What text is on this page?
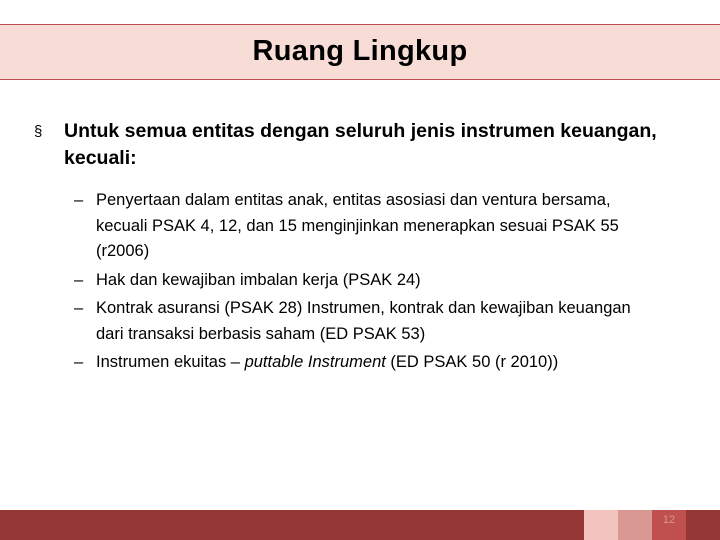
Ruang Lingkup
§ Untuk semua entitas dengan seluruh jenis instrumen keuangan, kecuali:
– Penyertaan dalam entitas anak, entitas asosiasi dan ventura bersama, kecuali PSAK 4, 12, dan 15 menginjinkan menerapkan sesuai PSAK 55 (r2006)
– Hak dan kewajiban imbalan kerja (PSAK 24)
– Kontrak asuransi (PSAK 28) Instrumen, kontrak dan kewajiban keuangan dari transaksi berbasis saham (ED PSAK 53)
– Instrumen ekuitas – puttable Instrument (ED PSAK 50 (r 2010))
12
